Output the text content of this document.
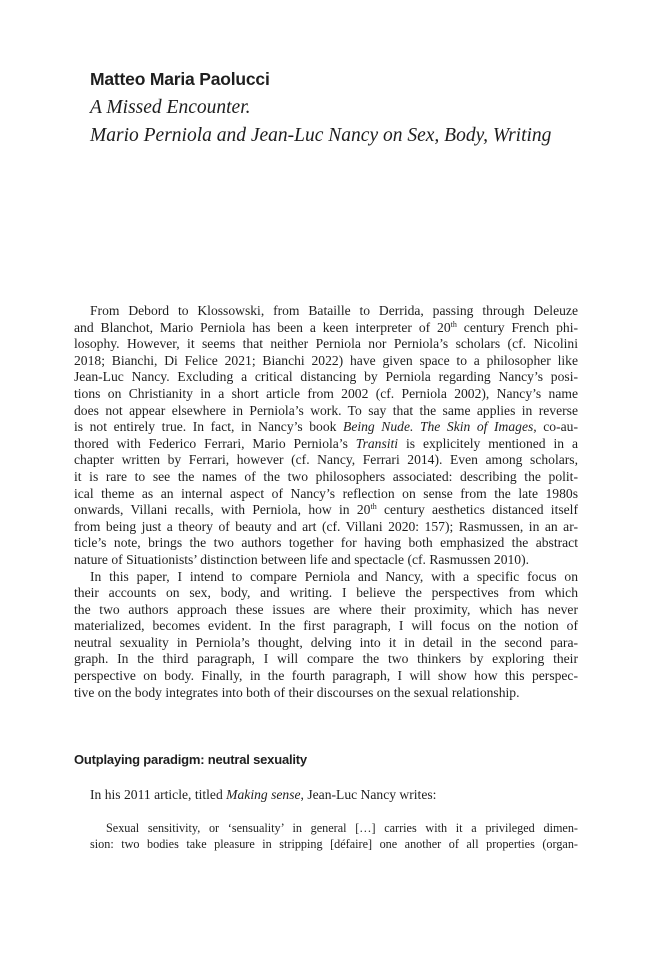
Matteo Maria Paolucci
A Missed Encounter.
Mario Perniola and Jean-Luc Nancy on Sex, Body, Writing

From Debord to Klossowski, from Bataille to Derrida, passing through Deleuze
and Blanchot, Mario Perniola has been a keen interpreter of 20th century French phi-
losophy. However, it seems that neither Perniola nor Perniola’s scholars (cf. Nicolini
2018; Bianchi, Di Felice 2021; Bianchi 2022) have given space to a philosopher like
Jean-Luc Nancy. Excluding a critical distancing by Perniola regarding Nancy’s posi-
tions on Christianity in a short article from 2002 (cf. Perniola 2002), Nancy’s name
does not appear elsewhere in Perniola’s work. To say that the same applies in reverse
is not entirely true. In fact, in Nancy’s book Being Nude. The Skin of Images, co-au-
thored with Federico Ferrari, Mario Perniola’s Transiti is explicitely mentioned in a
chapter written by Ferrari, however (cf. Nancy, Ferrari 2014). Even among scholars,
it is rare to see the names of the two philosophers associated: describing the polit-
ical theme as an internal aspect of Nancy’s reflection on sense from the late 1980s
onwards, Villani recalls, with Perniola, how in 20th century aesthetics distanced itself
from being just a theory of beauty and art (cf. Villani 2020: 157); Rasmussen, in an ar-
ticle’s note, brings the two authors together for having both emphasized the abstract
nature of Situationists’ distinction between life and spectacle (cf. Rasmussen 2010).

In this paper, I intend to compare Perniola and Nancy, with a specific focus on
their accounts on sex, body, and writing. I believe the perspectives from which
the two authors approach these issues are where their proximity, which has never
materialized, becomes evident. In the first paragraph, I will focus on the notion of
neutral sexuality in Perniola’s thought, delving into it in detail in the second para-
graph. In the third paragraph, I will compare the two thinkers by exploring their
perspective on body. Finally, in the fourth paragraph, I will show how this perspec-
tive on the body integrates into both of their discourses on the sexual relationship.

Outplaying paradigm: neutral sexuality
In his 2011 article, titled Making sense, Jean-Luc Nancy writes:
Sexual sensitivity, or ‘sensuality’ in general […] carries with it a privileged dimen-
sion: two bodies take pleasure in stripping [défaire] one another of all properties (organ-
